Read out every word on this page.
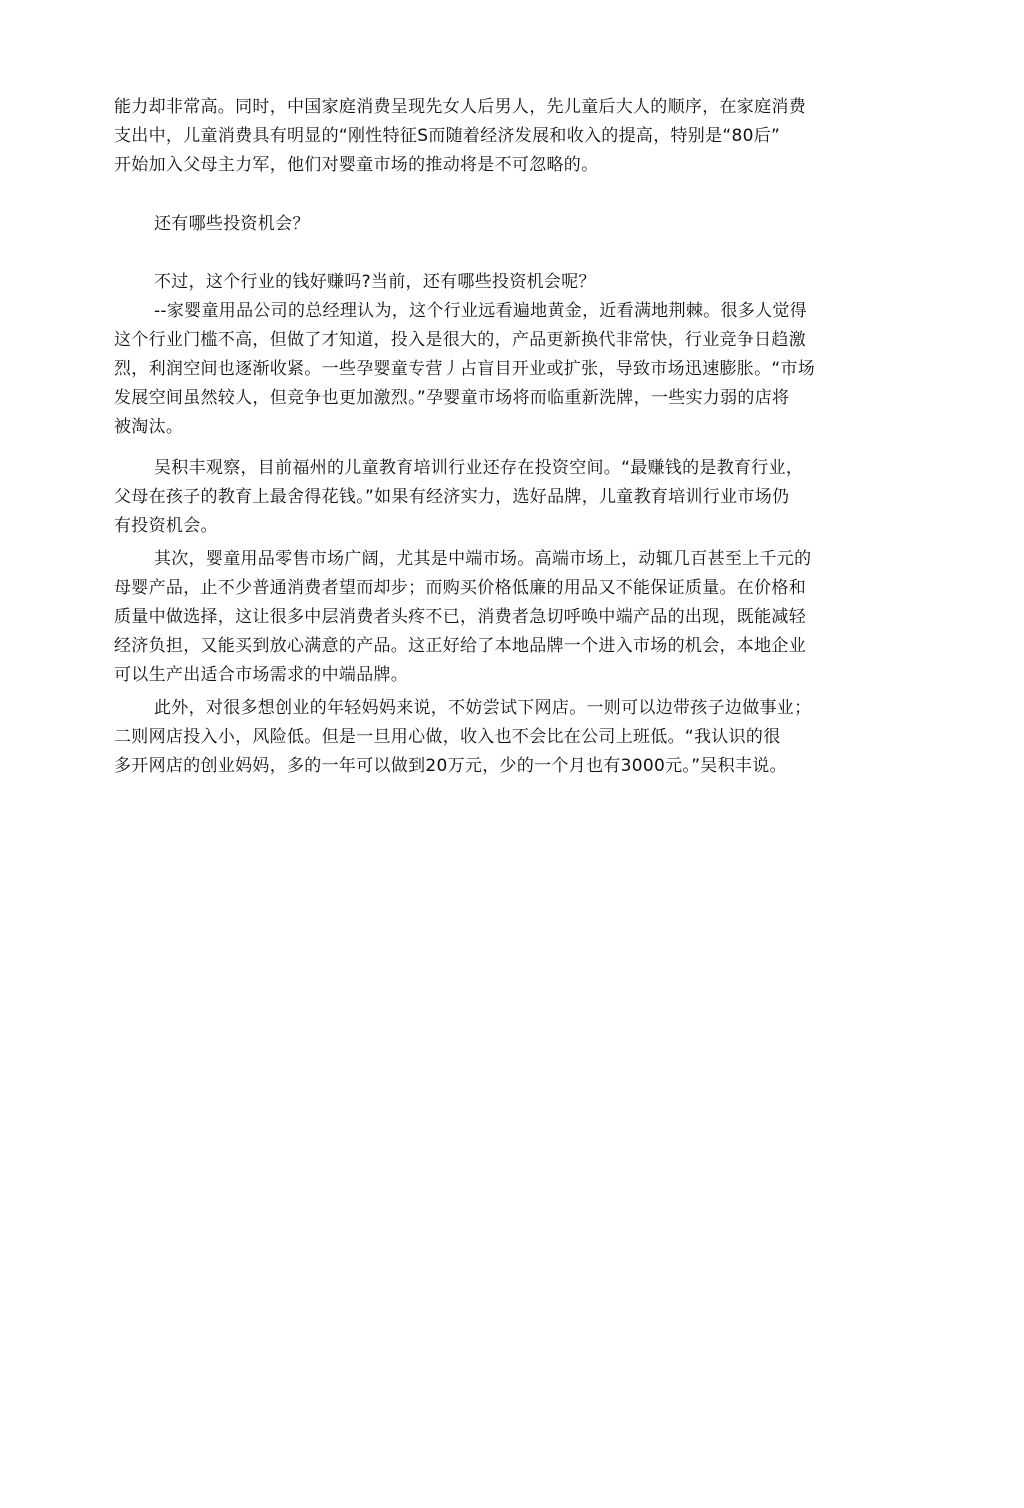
能力却非常高。同时，中国家庭消费呈现先女人后男人，先儿童后大人的顺序，在家庭消费
支出中，儿童消费具有明显的“刚性特征S而随着经济发展和收入的提高，特别是“80后”
开始加入父母主力军，他们对婴童市场的推动将是不可忽略的。
还有哪些投资机会？
不过，这个行业的钱好赚吗?当前，还有哪些投资机会呢？
--家婴童用品公司的总经理认为，这个行业远看遍地黄金，近看满地荆棘。很多人觉得
这个行业门槛不高，但做了才知道，投入是很大的，产品更新换代非常快，行业竞争日趋激
烈，利润空间也逐渐收紧。一些孕婴童专营丿占盲目开业或扩张，导致市场迅速膨胀。“市场
发展空间虽然较人，但竞争也更加激烈。”孕婴童市场将而临重新洗牌，一些实力弱的店将
被淘汰。
吴积丰观察，目前福州的儿童教育培训行业还存在投资空间。“最赚钱的是教育行业，
父母在孩子的教育上最舍得花钱。”如果有经济实力，选好品牌，儿童教育培训行业市场仍
有投资机会。
其次，婴童用品零售市场广阔，尤其是中端市场。高端市场上，动辄几百甚至上千元的
母婴产品，止不少普通消费者望而却步；而购买价格低廉的用品又不能保证质量。在价格和
质量中做选择，这让很多中层消费者头疼不已，消费者急切呼唤中端产品的出现，既能减轻
经济负担，又能买到放心满意的产品。这正好给了本地品牌一个进入市场的机会，本地企业
可以生产出适合市场需求的中端品牌。
此外，对很多想创业的年轻妈妈来说，不妨尝试下网店。一则可以边带孩子边做事业；
二则网店投入小，风险低。但是一旦用心做，收入也不会比在公司上班低。“我认识的很
多开网店的创业妈妈，多的一年可以做到20万元，少的一个月也有3000元。”吴积丰说。
